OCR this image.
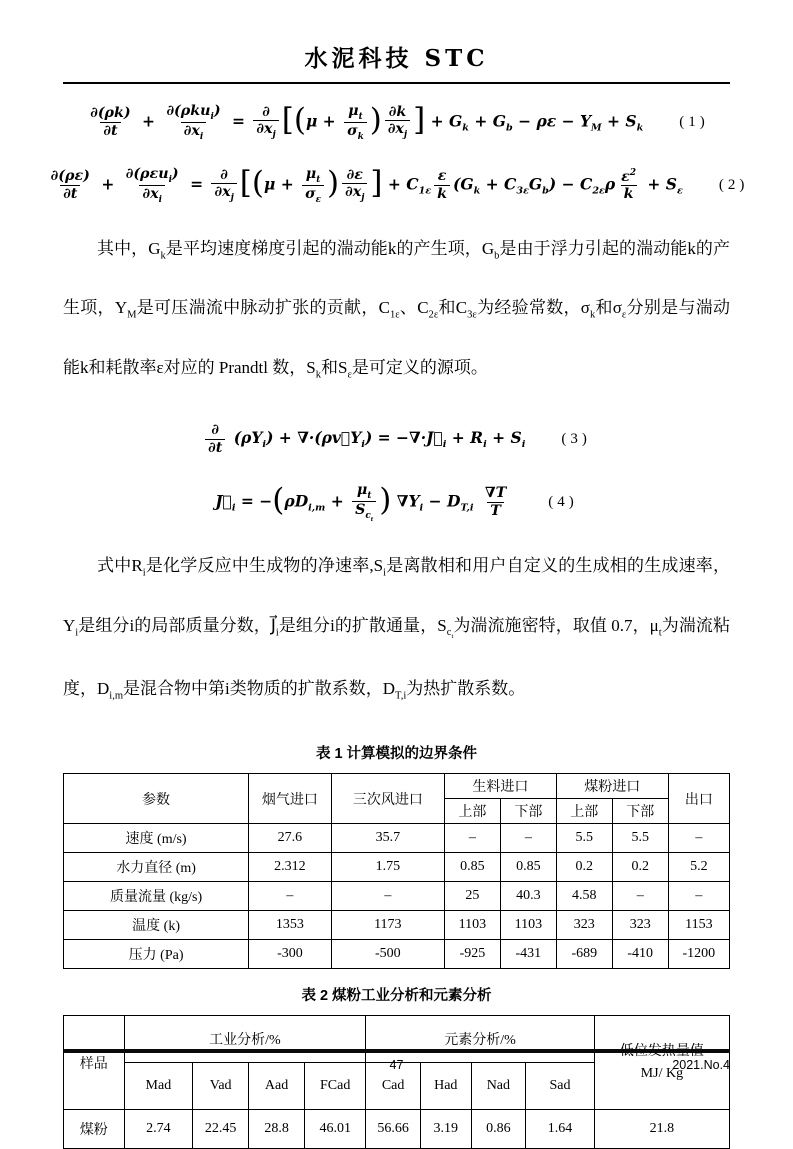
水泥科技 STC
$\frac{\partial(\rho k)}{\partial t} + \frac{\partial(\rho ku_i)}{\partial x_i} = \frac{\partial}{\partial x_j} [(\mu + \frac{\mu_t}{\sigma_k}$ ) $\frac{\partial k}{\partial x_j}$ ] + $G_k + G_b - \rho\varepsilon - Y_M + S_k$ (1)
$\frac{\partial(\rho\varepsilon)}{\partial t} + \frac{\partial(\rho\varepsilon u_i)}{\partial x_i} = \frac{\partial}{\partial x_j} [(\mu + \frac{\mu_t}{\sigma_\varepsilon}$ ) $\frac{\partial\varepsilon}{\partial x_j}$ ] + $C_{1\varepsilon} \frac{\varepsilon}{k} (G_k + C_{3\varepsilon}G_b) - C_{2\varepsilon}\rho \frac{\varepsilon^2}{k} + S_\varepsilon$ (2)

其中，$G_k$是平均速度梯度引起的湍动能k的产生项，$G_b$是由于浮力引起的湍动能k的产生项，$Y_M$是可压湍流中脉动扩张的贡献，$C_{1\varepsilon}$、$C_{2\varepsilon}$和$C_{3\varepsilon}$为经验常数，$\sigma_k$和$\sigma_\varepsilon$分别是与湍动能k和耗散率ε对应的 Prandtl 数，$S_k$和$S_\varepsilon$是可定义的源项。

$\frac{\partial}{\partial t} (\rho Y_i)$ + $\nabla\cdot(\rho v⃗Y_i)$ = $-\nabla\cdot J⃗_i + R_i + S_i$ (3)
$J⃗_i = -(\rho D_{i,m} + \frac{\mu_t}{S_{c_t}}$ ) $\nabla Y_i - D_{T,i} \frac{\nabla T}{T}$	(4)

式中$R_i$是化学反应中生成物的净速率$,S_i$是离散相和用户自定义的生成相的生成速率，$Y_i$是组分i的局部质量分数，$J⃗_i$是组分i的扩散通量，$S_{c_t}$为湍流施密特，取值 0.7，$\mu_t$为湍流粘度，$D_{i,m}$是混合物中第i类物质的扩散系数，$D_{T,i}$为热扩散系数。

表 1 计算模拟的边界条件
参数	烟气进口	三次风进口	生料进口		煤粉进口		出口
			上部	下部	上部	下部	
速度 (m/s)	27.6	35.7	–	–	5.5	5.5	–
水力直径 (m)	2.312	1.75	0.85	0.85	0.2	0.2	5.2
质量流量 (kg/s)	–	–	25	40.3	4.58	–	–
温度 (k)	1353	1173	1103	1103	323	323	1153
压力 (Pa)	-300	-500	-925	-431	-689	-410	-1200
表 2 煤粉工业分析和元素分析
样品	工业分析/%				元素分析/%				MJ/ Kg

	Mad	Vad	Aad	FCad	Cad	Had	Nad	Sad	
煤粉	2.74	22.45	28.8	46.01	56.66	3.19	0.86	1.64	21.8
47	2021.No.4
